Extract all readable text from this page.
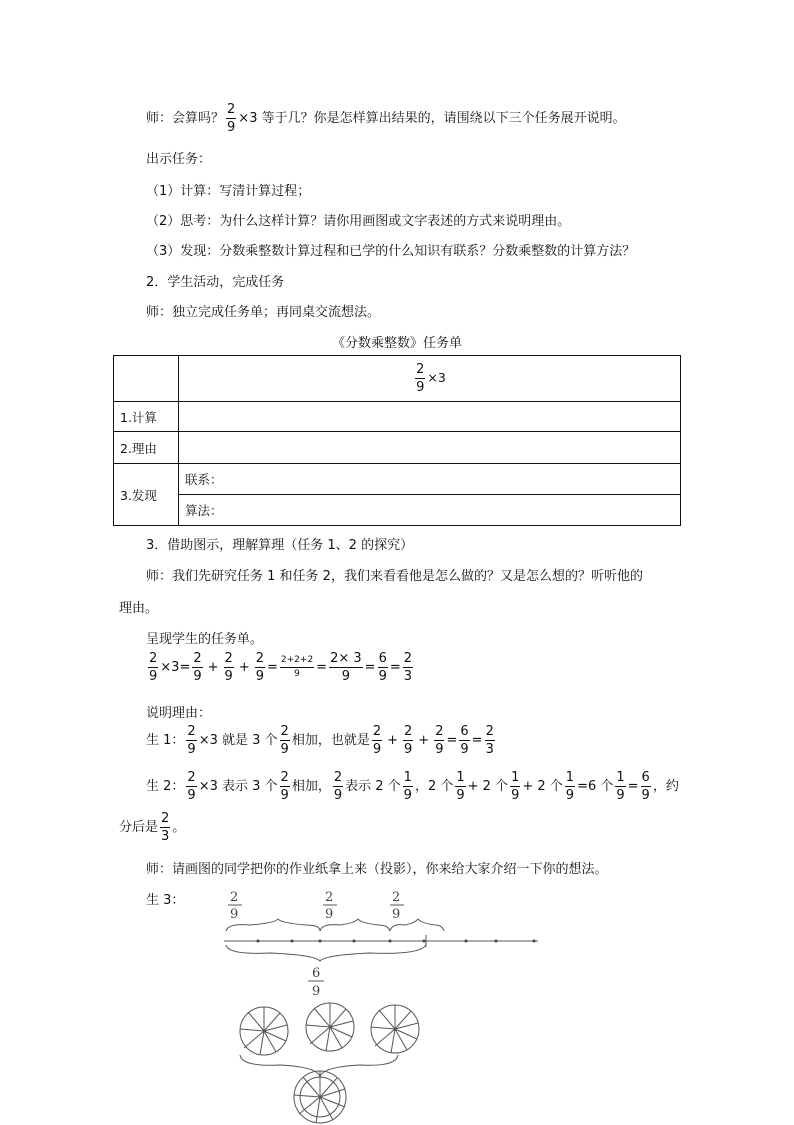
师：会算吗？ $\frac{2}{9} \times 3$ 等于几？你是怎样算出结果的，请围绕以下三个任务展开说明。
出示任务：
（1）计算：写清计算过程；
（2）思考：为什么这样计算？请你用画图或文字表述的方式来说明理由。
（3）发现：分数乘整数计算过程和已学的什么知识有联系？分数乘整数的计算方法？
2．学生活动，完成任务
师：独立完成任务单；再同桌交流想法。
《分数乘整数》任务单

	$\frac{2}{9} \times 3$
1.计算	
2.理由	
3.发现	联系：
	算法：
3．借助图示，理解算理（任务 1、2 的探究）
师：我们先研究任务 1 和任务 2，我们来看看他是怎么做的？又是怎么想的？听听他的
理由。
呈现学生的任务单。
$\frac{2}{9} \times 3= \frac{2}{9} + \frac{2}{9} + \frac{2}{9} = \frac{2+2+2}{9} = \frac{2\times 3}{9} = \frac{6}{9} = \frac{2}{3}$
说明理由：
生 1： $\frac{2}{9} \times 3$ 就是 3 个 $\frac{2}{9}$ 相加，也就是 $\frac{2}{9} + \frac{2}{9} + \frac{2}{9} = \frac{6}{9} = \frac{2}{3}$
生 2： $\frac{2}{9} \times 3$ 表示 3 个 $\frac{2}{9}$ 相加， $\frac{2}{9}$ 表示 2 个 $\frac{1}{9}$ ，2 个 $\frac{1}{9} + 2$ 个 $\frac{1}{9} + 2$ 个 $\frac{1}{9} =6$ 个 $\frac{1}{9} = \frac{6}{9}$ ，约
分后是 $\frac{2}{3}$ 。
师：请画图的同学把你的作业纸拿上来（投影），你来给大家介绍一下你的想法。
生 3：	2
9
2
9
2
9
6
9
